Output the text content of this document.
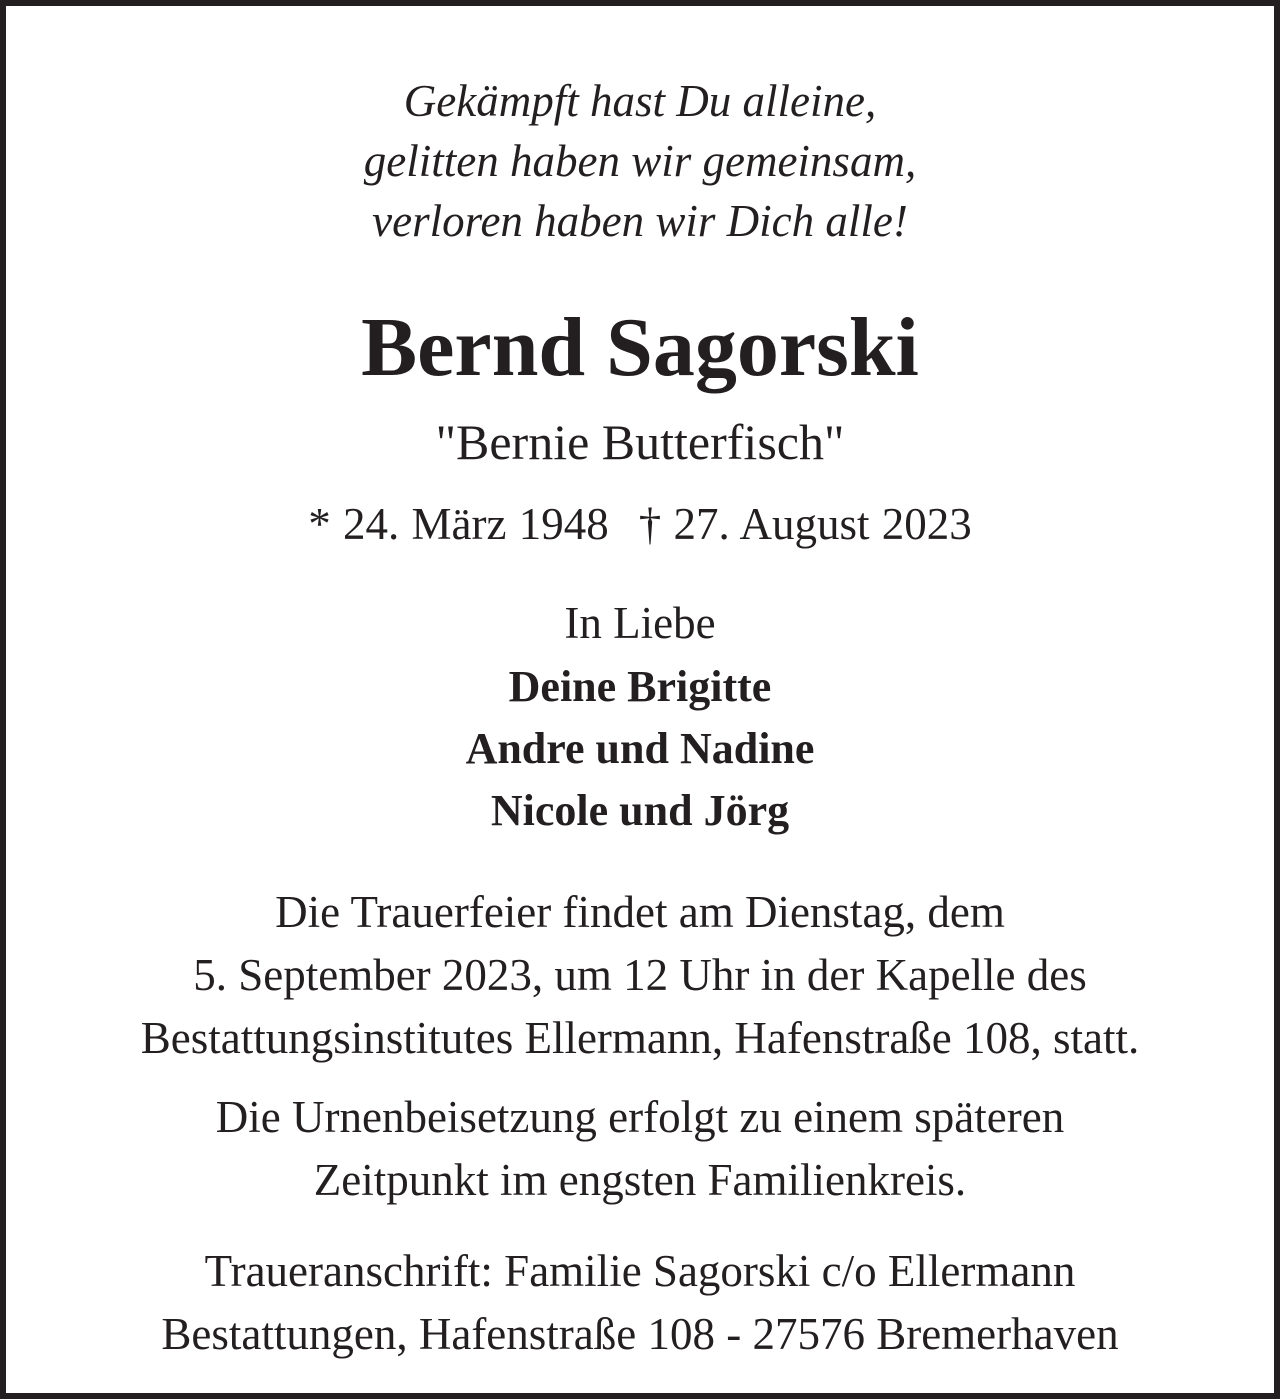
Gekämpft hast Du alleine,
gelitten haben wir gemeinsam,
verloren haben wir Dich alle!
Bernd Sagorski
"Bernie Butterfisch"
* 24. März 1948 † 27. August 2023
In Liebe
Deine Brigitte
Andre und Nadine
Nicole und Jörg
Die Trauerfeier findet am Dienstag, dem
5. September 2023, um 12 Uhr in der Kapelle des
Bestattungsinstitutes Ellermann, Hafenstraße 108, statt.
Die Urnenbeisetzung erfolgt zu einem späteren
Zeitpunkt im engsten Familienkreis.
Traueranschrift: Familie Sagorski c/o Ellermann
Bestattungen, Hafenstraße 108 - 27576 Bremerhaven
